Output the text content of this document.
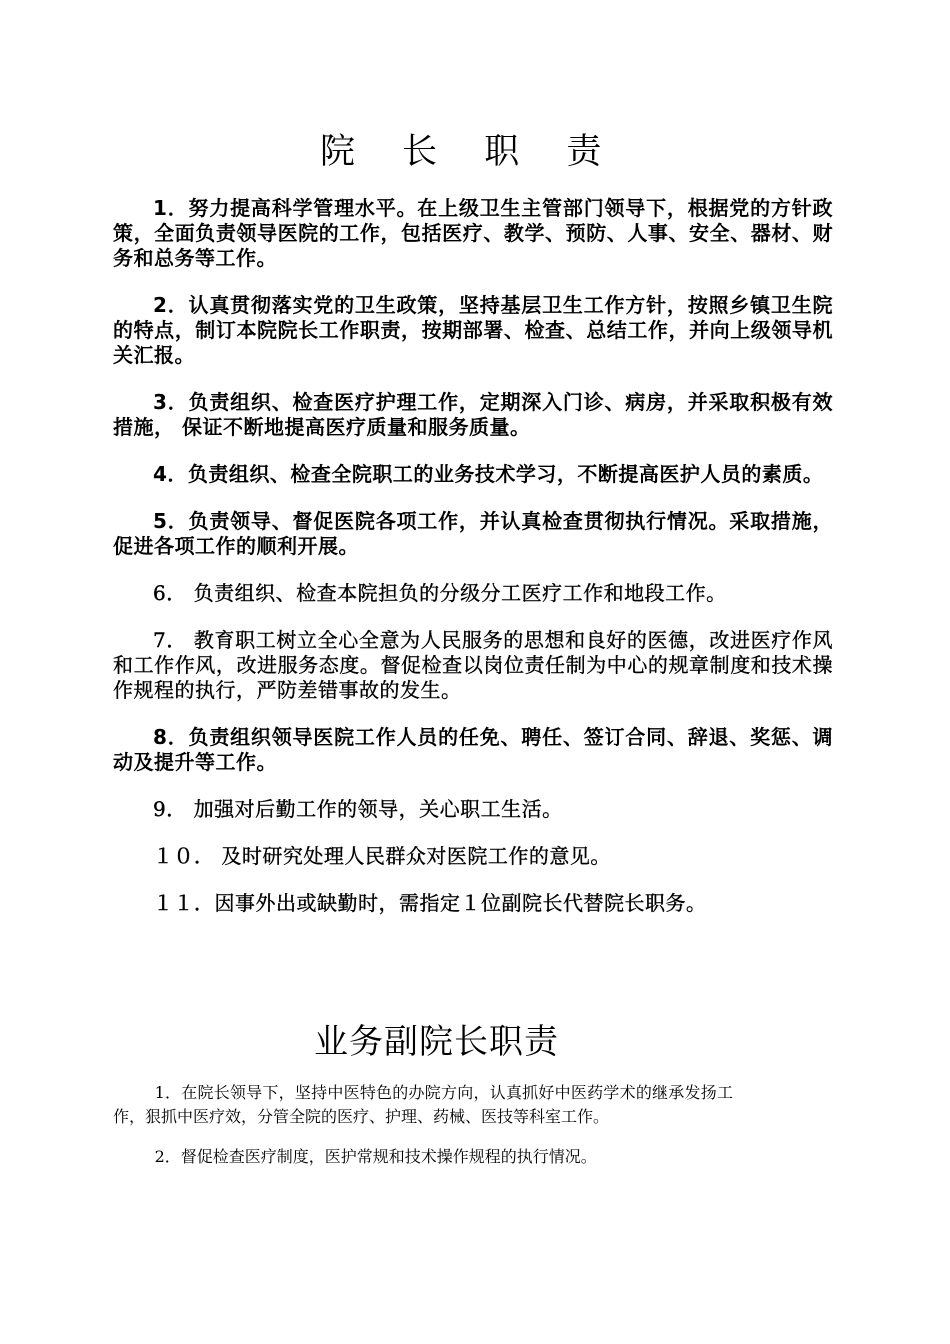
院 长 职 责

1．努力提高科学管理水平。在上级卫生主管部门领导下，根据党的方针政策，全面负责领导医院的工作，包括医疗、教学、预防、人事、安全、器材、财务和总务等工作。

2．认真贯彻落实党的卫生政策，坚持基层卫生工作方针，按照乡镇卫生院的特点，制订本院院长工作职责，按期部署、检查、总结工作，并向上级领导机关汇报。

3．负责组织、检查医疗护理工作，定期深入门诊、病房，并采取积极有效措施， 保证不断地提高医疗质量和服务质量。

4．负责组织、检查全院职工的业务技术学习，不断提高医护人员的素质。

5．负责领导、督促医院各项工作，并认真检查贯彻执行情况。采取措施，促进各项工作的顺利开展。

6． 负责组织、检查本院担负的分级分工医疗工作和地段工作。

7． 教育职工树立全心全意为人民服务的思想和良好的医德，改进医疗作风和工作作风，改进服务态度。督促检查以岗位责任制为中心的规章制度和技术操作规程的执行，严防差错事故的发生。

8．负责组织领导医院工作人员的任免、聘任、签订合同、辞退、奖惩、调动及提升等工作。

9． 加强对后勤工作的领导，关心职工生活。

１０． 及时研究处理人民群众对医院工作的意见。

１１．因事外出或缺勤时，需指定１位副院长代替院长职务。

业务副院长职责

1．在院长领导下，坚持中医特色的办院方向，认真抓好中医药学术的继承发扬工作，狠抓中医疗效，分管全院的医疗、护理、药械、医技等科室工作。

2．督促检查医疗制度，医护常规和技术操作规程的执行情况。
